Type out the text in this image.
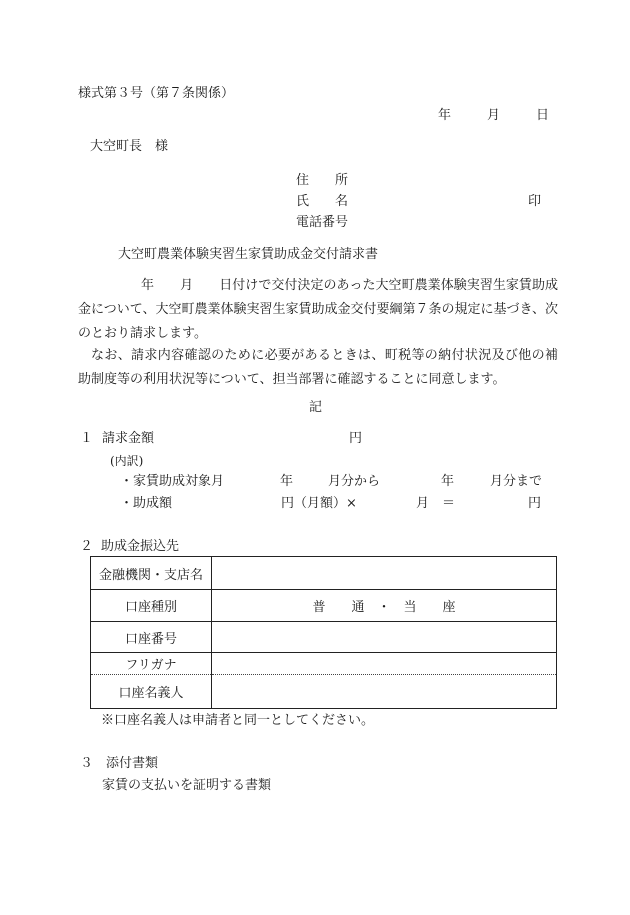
様式第３号（第７条関係）
年	月	日
大空町長　様
住　　所
氏　　名	印
電話番号
大空町農業体験実習生家賃助成金交付請求書
年　　月　　日付けで交付決定のあった大空町農業体験実習生家賃助成金について、大空町農業体験実習生家賃助成金交付要綱第７条の規定に基づき、次のとおり請求します。
なお、請求内容確認のために必要があるときは、町税等の納付状況及び他の補助制度等の利用状況等について、担当部署に確認することに同意します。
記
１ 請求金額	円
(内訳)
・家賃助成対象月	年	月分から	年	月分まで
・助成額	円（月額）×	月　＝	円
２ 助成金振込先
金融機関・支店名	
口座種別	普　　通　・　当　　座
口座番号	
フリガナ	
口座名義人	
※口座名義人は申請者と同一としてください。
３ 添付書類
家賃の支払いを証明する書類
